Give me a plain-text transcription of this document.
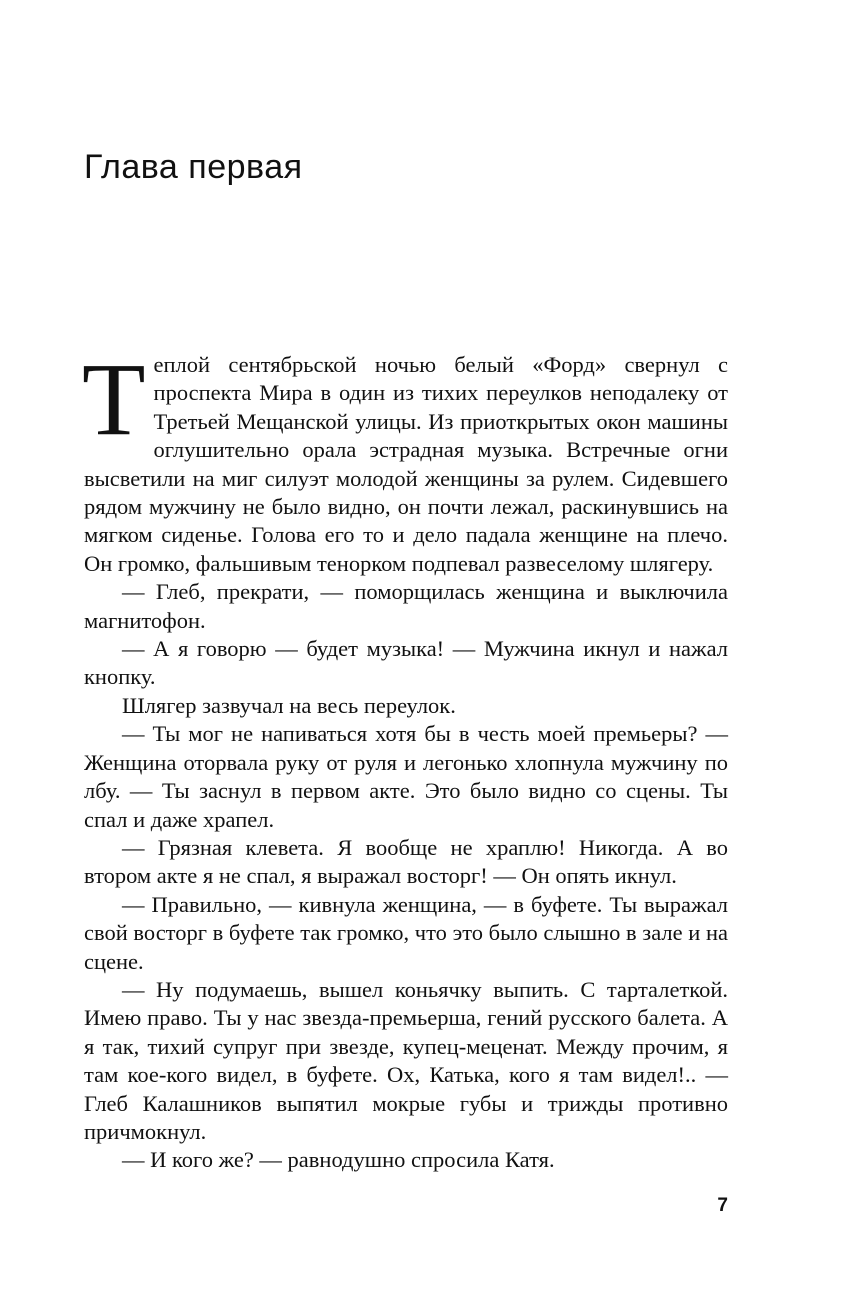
Глава первая

Теплой сентябрьской ночью белый «Форд» свернул с проспекта Мира в один из тихих переулков неподалеку от Третьей Мещанской улицы. Из приоткрытых окон машины оглушительно орала эстрадная музыка. Встречные огни высветили на миг силуэт молодой женщины за рулем. Сидевшего рядом мужчину не было видно, он почти лежал, раскинувшись на мягком сиденье. Голова его то и дело падала женщине на плечо. Он громко, фальшивым тенорком подпевал развеселому шлягеру.

— Глеб, прекрати, — поморщилась женщина и выключила магнитофон.

— А я говорю — будет музыка! — Мужчина икнул и нажал кнопку.

Шлягер зазвучал на весь переулок.

— Ты мог не напиваться хотя бы в честь моей премьеры? — Женщина оторвала руку от руля и легонько хлопнула мужчину по лбу. — Ты заснул в первом акте. Это было видно со сцены. Ты спал и даже храпел.

— Грязная клевета. Я вообще не храплю! Никогда. А во втором акте я не спал, я выражал восторг! — Он опять икнул.

— Правильно, — кивнула женщина, — в буфете. Ты выражал свой восторг в буфете так громко, что это было слышно в зале и на сцене.

— Ну подумаешь, вышел коньячку выпить. С тарталеткой. Имею право. Ты у нас звезда-премьерша, гений русского балета. А я так, тихий супруг при звезде, купец-меценат. Между прочим, я там кое-кого видел, в буфете. Ох, Катька, кого я там видел!.. — Глеб Калашников выпятил мокрые губы и трижды противно причмокнул.

— И кого же? — равнодушно спросила Катя.

7
